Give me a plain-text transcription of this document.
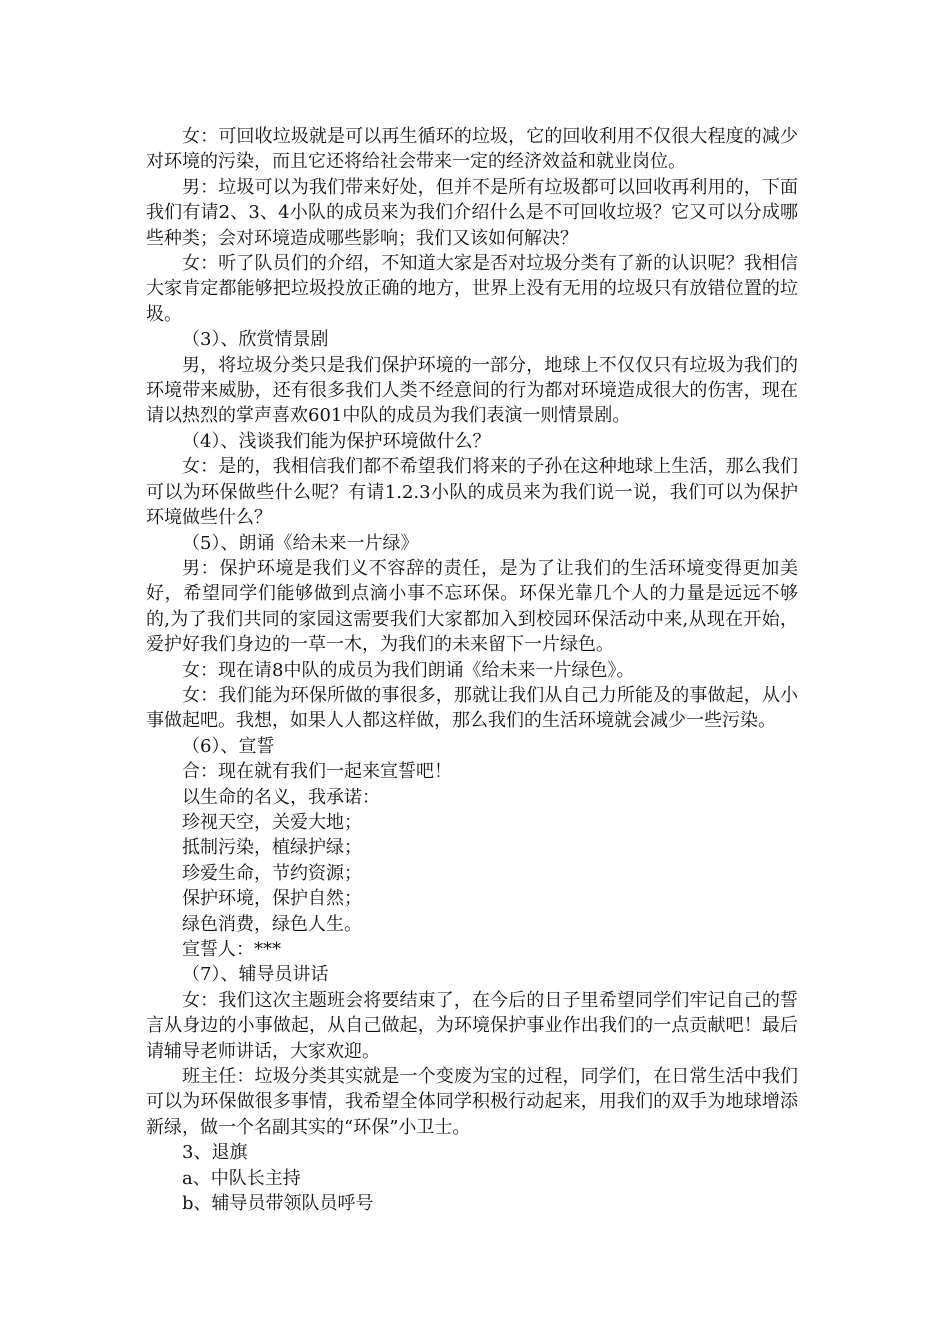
女：可回收垃圾就是可以再生循环的垃圾，它的回收利用不仅很大程度的减少对环境的污染，而且它还将给社会带来一定的经济效益和就业岗位。

男：垃圾可以为我们带来好处，但并不是所有垃圾都可以回收再利用的，下面我们有请2、3、4小队的成员来为我们介绍什么是不可回收垃圾？它又可以分成哪些种类；会对环境造成哪些影响；我们又该如何解决？

女：听了队员们的介绍，不知道大家是否对垃圾分类有了新的认识呢？我相信大家肯定都能够把垃圾投放正确的地方，世界上没有无用的垃圾只有放错位置的垃圾。

（3）、欣赏情景剧

男，将垃圾分类只是我们保护环境的一部分，地球上不仅仅只有垃圾为我们的环境带来威胁，还有很多我们人类不经意间的行为都对环境造成很大的伤害，现在请以热烈的掌声喜欢601中队的成员为我们表演一则情景剧。

（4）、浅谈我们能为保护环境做什么？

女：是的，我相信我们都不希望我们将来的子孙在这种地球上生活，那么我们可以为环保做些什么呢？有请1.2.3小队的成员来为我们说一说，我们可以为保护环境做些什么？

（5）、朗诵《给未来一片绿》

男：保护环境是我们义不容辞的责任，是为了让我们的生活环境变得更加美好，希望同学们能够做到点滴小事不忘环保。环保光靠几个人的力量是远远不够的,为了我们共同的家园这需要我们大家都加入到校园环保活动中来,从现在开始，爱护好我们身边的一草一木，为我们的未来留下一片绿色。

女：现在请8中队的成员为我们朗诵《给未来一片绿色》。

女：我们能为环保所做的事很多，那就让我们从自己力所能及的事做起，从小事做起吧。我想，如果人人都这样做，那么我们的生活环境就会减少一些污染。

（6）、宣誓

合：现在就有我们一起来宣誓吧！

以生命的名义，我承诺：

珍视天空，关爱大地；

抵制污染，植绿护绿；

珍爱生命，节约资源；

保护环境，保护自然；

绿色消费，绿色人生。

宣誓人：***

（7）、辅导员讲话

女：我们这次主题班会将要结束了，在今后的日子里希望同学们牢记自己的誓言从身边的小事做起，从自己做起，为环境保护事业作出我们的一点贡献吧！最后请辅导老师讲话，大家欢迎。

班主任：垃圾分类其实就是一个变废为宝的过程，同学们，在日常生活中我们可以为环保做很多事情，我希望全体同学积极行动起来，用我们的双手为地球增添新绿，做一个名副其实的“环保”小卫士。

3、退旗

a、中队长主持

b、辅导员带领队员呼号
